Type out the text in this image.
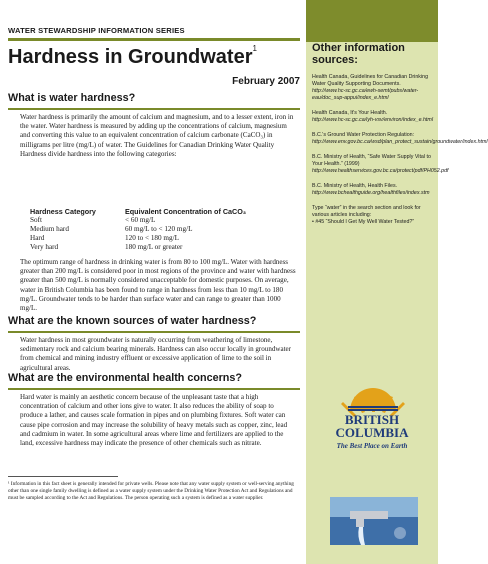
WATER STEWARDSHIP INFORMATION SERIES
Hardness in Groundwater$^1$
February 2007
What is water hardness?
Water hardness is primarily the amount of calcium and magnesium, and to a lesser extent, iron in the water. Water hardness is measured by adding up the concentrations of calcium, magnesium and converting this value to an equivalent concentration of calcium carbonate (CaCO₃) in milligrams per litre (mg/L) of water. The Guidelines for Canadian Drinking Water Quality Hardness divide hardness into the following categories:
Hardness Category	Equivalent Concentration of CaCO₃
Soft	< 60 mg/L
Medium hard	60 mg/L to < 120 mg/L
Hard	120 to < 180 mg/L
Very hard	180 mg/L or greater
The optimum range of hardness in drinking water is from 80 to 100 mg/L. Water with hardness greater than 200 mg/L is considered poor in most regions of the province and water with hardness greater than 500 mg/L is normally considered unacceptable for domestic purposes. On average, water in British Columbia has been found to range in hardness from less than 10 mg/L to 180 mg/L. Groundwater tends to be harder than surface water and can range to greater than 1000 mg/L.
What are the known sources of water hardness?
Water hardness in most groundwater is naturally occurring from weathering of limestone, sedimentary rock and calcium bearing minerals. Hardness can also occur locally in groundwater from chemical and mining industry effluent or excessive application of lime to the soil in agricultural areas.
What are the environmental health concerns?
Hard water is mainly an aesthetic concern because of the unpleasant taste that a high concentration of calcium and other ions give to water. It also reduces the ability of soap to produce a lather, and causes scale formation in pipes and on plumbing fixtures. Soft water can cause pipe corrosion and may increase the solubility of heavy metals such as copper, zinc, lead and cadmium in water. In some agricultural areas where lime and fertilizers are applied to the land, excessive hardness may indicate the presence of other chemicals such as nitrate.
¹ Information in this fact sheet is generally intended for private wells. Please note that any water supply system or well-serving anything other than one single family dwelling is defined as a water supply system under the Drinking Water Protection Act and Regulations and must be sampled according to the Act and Regulations. The person operating such a system is defined as a water supplier.
Other information sources:
Health Canada, Guidelines for Canadian Drinking Water Quality Supporting Documents.
http://www.hc-sc.gc.ca/ewh-semt/pubs/water-eau/doc_sup-appui/index_e.html
Health Canada, It's Your Health.
http://www.hc-sc.gc.ca/iyh-vsv/environ/index_e.html
B.C.'s Ground Water Protection Regulation:
http://www.env.gov.bc.ca/wsd/plan_protect_sustain/groundwater/index.html
B.C. Ministry of Health, “Safe Water Supply Vital to Your Health.” (1999)
http://www.healthservices.gov.bc.ca/protect/pdf/PH052.pdf
B.C. Ministry of Health, Health Files.
http://www.bchealthguide.org/healthfiles/index.stm
Type “water” in the search section and look for various articles including:
• #45 “Should I Get My Well Water Tested?”
BRITISH
COLUMBIA
The Best Place on Earth
